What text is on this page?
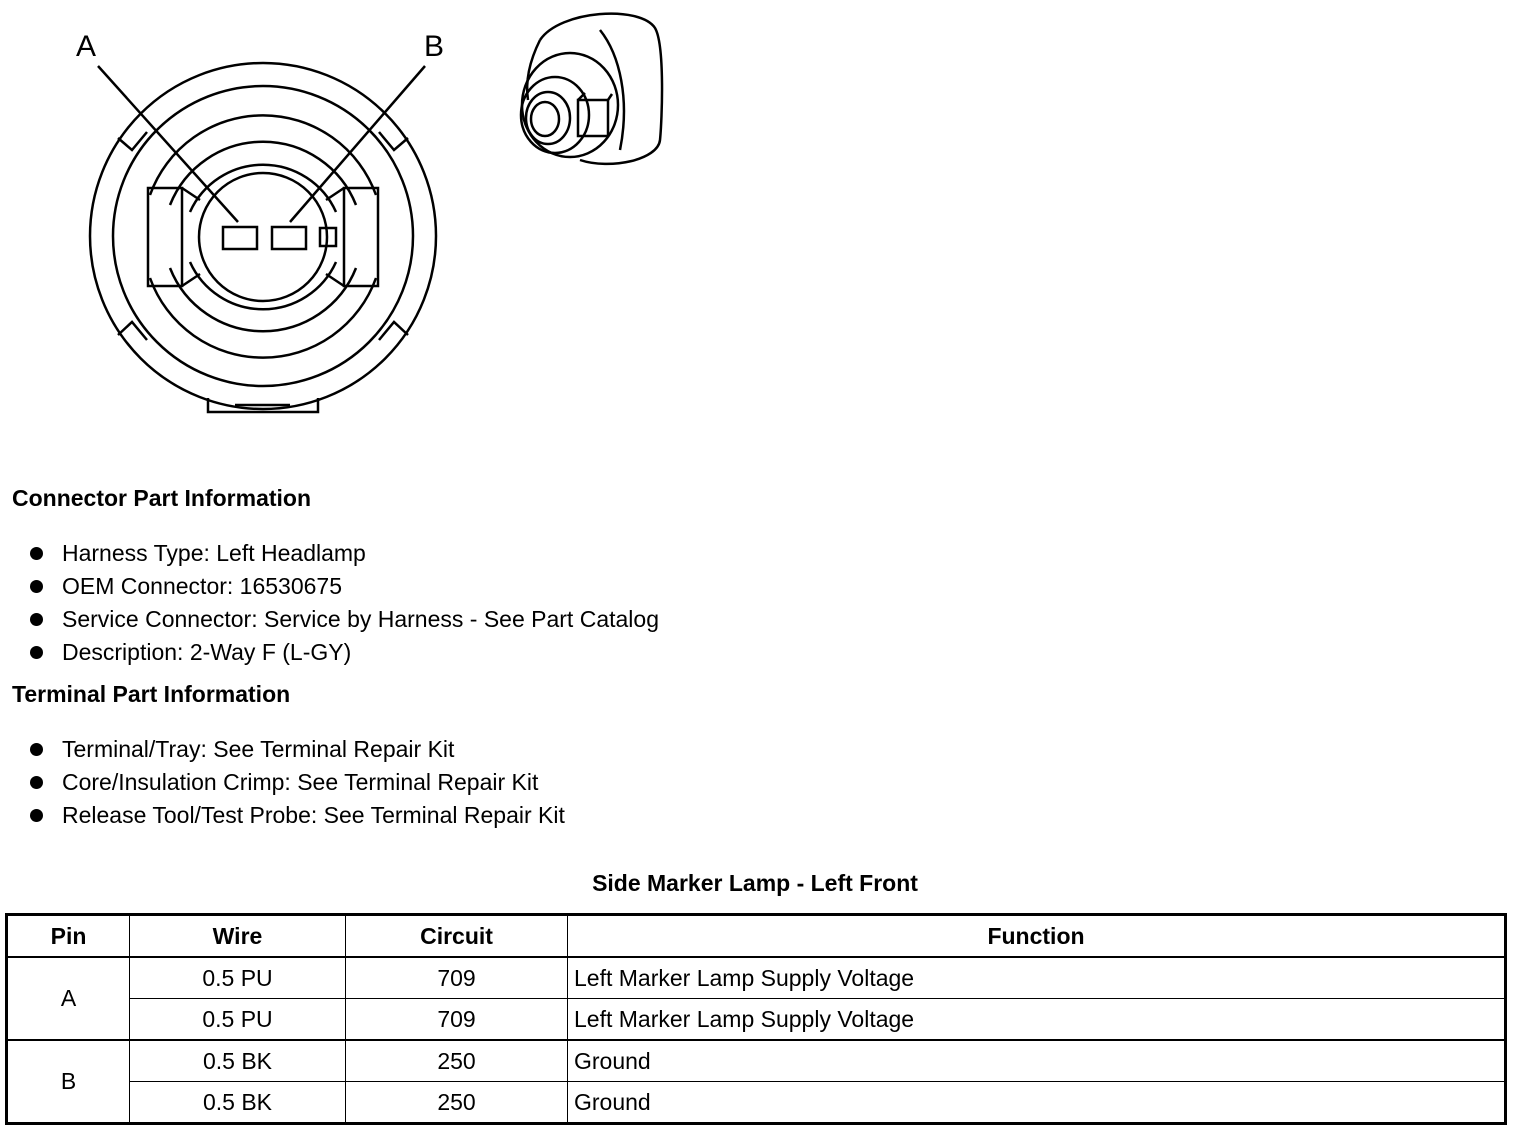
A	B
Connector Part Information
Harness Type: Left Headlamp
OEM Connector: 16530675
Service Connector: Service by Harness - See Part Catalog
Description: 2-Way F (L-GY)
Terminal Part Information
Terminal/Tray: See Terminal Repair Kit
Core/Insulation Crimp: See Terminal Repair Kit
Release Tool/Test Probe: See Terminal Repair Kit
Side Marker Lamp - Left Front
Pin	Wire	Circuit	Function
A	0.5 PU	709	Left Marker Lamp Supply Voltage
	0.5 PU	709	Left Marker Lamp Supply Voltage
B	0.5 BK	250	Ground
	0.5 BK	250	Ground
